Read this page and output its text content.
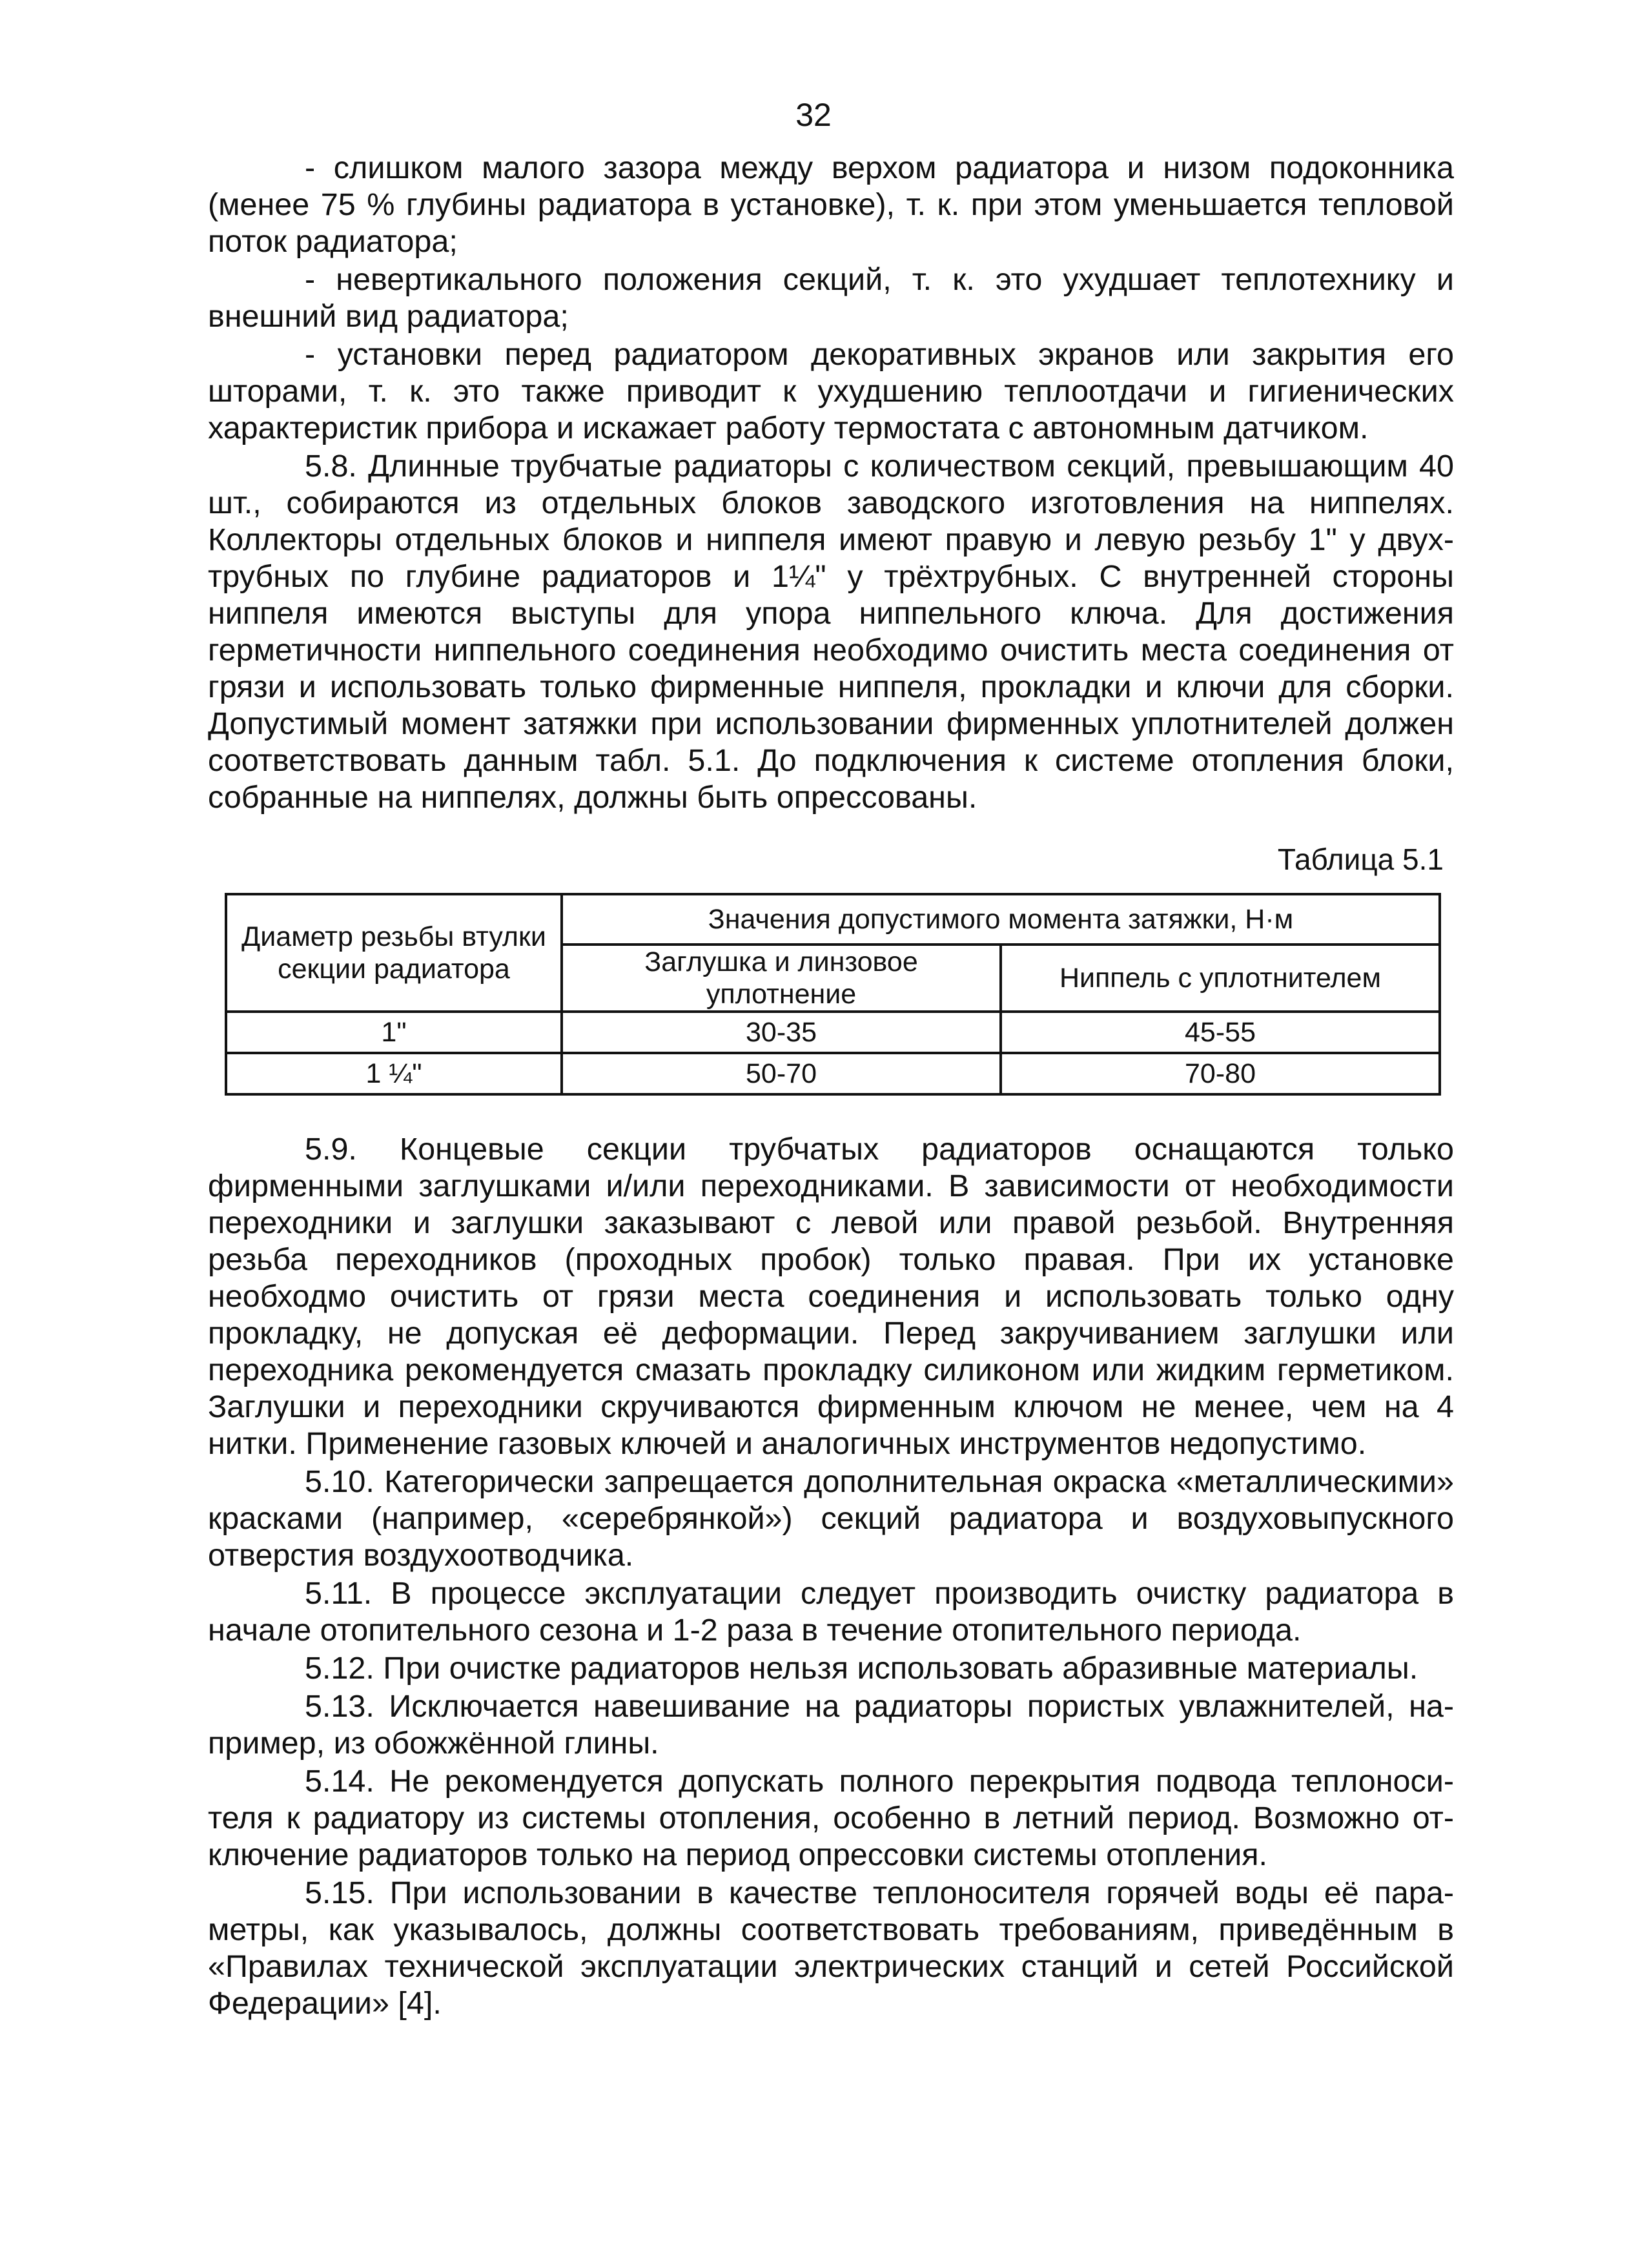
32

- слишком малого зазора между верхом радиатора и низом подоконника (менее 75 % глубины радиатора в установке), т. к. при этом уменьшается тепловой поток радиатора;

- невертикального положения секций, т. к. это ухудшает теплотехнику и внешний вид радиатора;

- установки перед радиатором декоративных экранов или закрытия его шторами, т. к. это также приводит к ухудшению теплоотдачи и гигиенических характеристик прибора и искажает работу термостата с автономным датчиком.

5.8. Длинные трубчатые радиаторы с количеством секций, превышающим 40 шт., собираются из отдельных блоков заводского изготовления на ниппелях. Коллекторы отдельных блоков и ниппеля имеют правую и левую резьбу 1" у двухтрубных по глубине радиаторов и 1¼" у трёхтрубных. С внутренней стороны ниппеля имеются выступы для упора ниппельного ключа. Для достижения герметичности ниппельного соединения необходимо очистить места соединения от грязи и использовать только фирменные ниппеля, прокладки и ключи для сборки. Допустимый момент затяжки при использовании фирменных уплотнителей должен соответствовать данным табл. 5.1. До подключения к системе отопления блоки, собранные на ниппелях, должны быть опрессованы.

Таблица 5.1
Диаметр резьбы втулки секции радиатора	Значения допустимого момента затяжки, Н·м	
	Заглушка и линзовое уплотнение	Ниппель с уплотнителем
1"	30-35	45-55
1 ¼"	50-70	70-80

5.9. Концевые секции трубчатых радиаторов оснащаются только фирменными заглушками и/или переходниками. В зависимости от необходимости переходники и заглушки заказывают с левой или правой резьбой. Внутренняя резьба переходников (проходных пробок) только правая. При их установке необходмо очистить от грязи места соединения и использовать только одну прокладку, не допуская её деформации. Перед закручиванием заглушки или переходника рекомендуется смазать прокладку силиконом или жидким герметиком. Заглушки и переходники скручиваются фирменным ключом не менее, чем на 4 нитки. Применение газовых ключей и аналогичных инструментов недопустимо.

5.10. Категорически запрещается дополнительная окраска «металлическими» красками (например, «серебрянкой») секций радиатора и воздуховыпускного отверстия воздухоотводчика.

5.11. В процессе эксплуатации следует производить очистку радиатора в начале отопительного сезона и 1-2 раза в течение отопительного периода.

5.12. При очистке радиаторов нельзя использовать абразивные материалы.

5.13. Исключается навешивание на радиаторы пористых увлажнителей, например, из обожжённой глины.

5.14. Не рекомендуется допускать полного перекрытия подвода теплоносителя к радиатору из системы отопления, особенно в летний период. Возможно отключение радиаторов только на период опрессовки системы отопления.

5.15. При использовании в качестве теплоносителя горячей воды её параметры, как указывалось, должны соответствовать требованиям, приведённым в «Правилах технической эксплуатации электрических станций и сетей Российской Федерации» [4].
